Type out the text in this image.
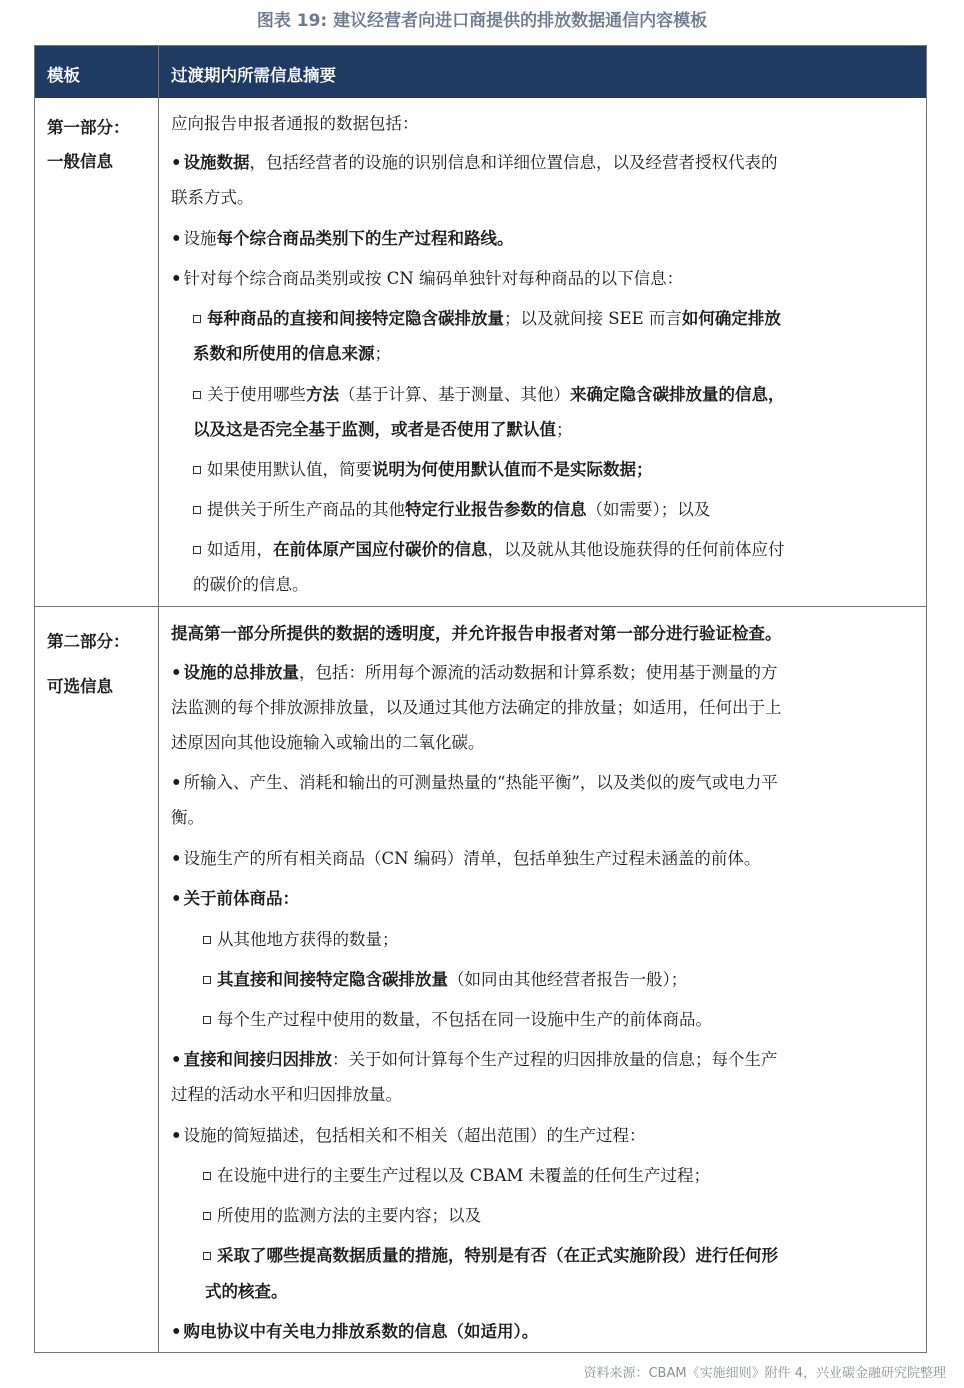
图表 19: 建议经营者向进口商提供的排放数据通信内容模板
模板	过渡期内所需信息摘要
第一部分：
一般信息
应向报告申报者通报的数据包括：
• 设施数据，包括经营者的设施的识别信息和详细位置信息，以及经营者授权代表的
联系方式。
• 设施每个综合商品类别下的生产过程和路线。
• 针对每个综合商品类别或按 CN 编码单独针对每种商品的以下信息：
每种商品的直接和间接特定隐含碳排放量；以及就间接 SEE 而言如何确定排放
系数和所使用的信息来源；
关于使用哪些方法（基于计算、基于测量、其他）来确定隐含碳排放量的信息，
以及这是否完全基于监测，或者是否使用了默认值；
如果使用默认值，简要说明为何使用默认值而不是实际数据；
提供关于所生产商品的其他特定行业报告参数的信息（如需要）；以及
如适用，在前体原产国应付碳价的信息，以及就从其他设施获得的任何前体应付
的碳价的信息。
第二部分：
可选信息
提高第一部分所提供的数据的透明度，并允许报告申报者对第一部分进行验证检查。
• 设施的总排放量，包括：所用每个源流的活动数据和计算系数；使用基于测量的方
法监测的每个排放源排放量，以及通过其他方法确定的排放量；如适用，任何出于上
述原因向其他设施输入或输出的二氧化碳。
• 所输入、产生、消耗和输出的可测量热量的“热能平衡”，以及类似的废气或电力平
衡。
• 设施生产的所有相关商品（CN 编码）清单，包括单独生产过程未涵盖的前体。
• 关于前体商品：
从其他地方获得的数量；
其直接和间接特定隐含碳排放量（如同由其他经营者报告一般）；
每个生产过程中使用的数量，不包括在同一设施中生产的前体商品。
• 直接和间接归因排放：关于如何计算每个生产过程的归因排放量的信息；每个生产
过程的活动水平和归因排放量。
• 设施的简短描述，包括相关和不相关（超出范围）的生产过程：
在设施中进行的主要生产过程以及 CBAM 未覆盖的任何生产过程；
所使用的监测方法的主要内容；以及
采取了哪些提高数据质量的措施，特别是有否（在正式实施阶段）进行任何形
式的核查。
• 购电协议中有关电力排放系数的信息（如适用）。
资料来源：CBAM《实施细则》附件 4，兴业碳金融研究院整理
